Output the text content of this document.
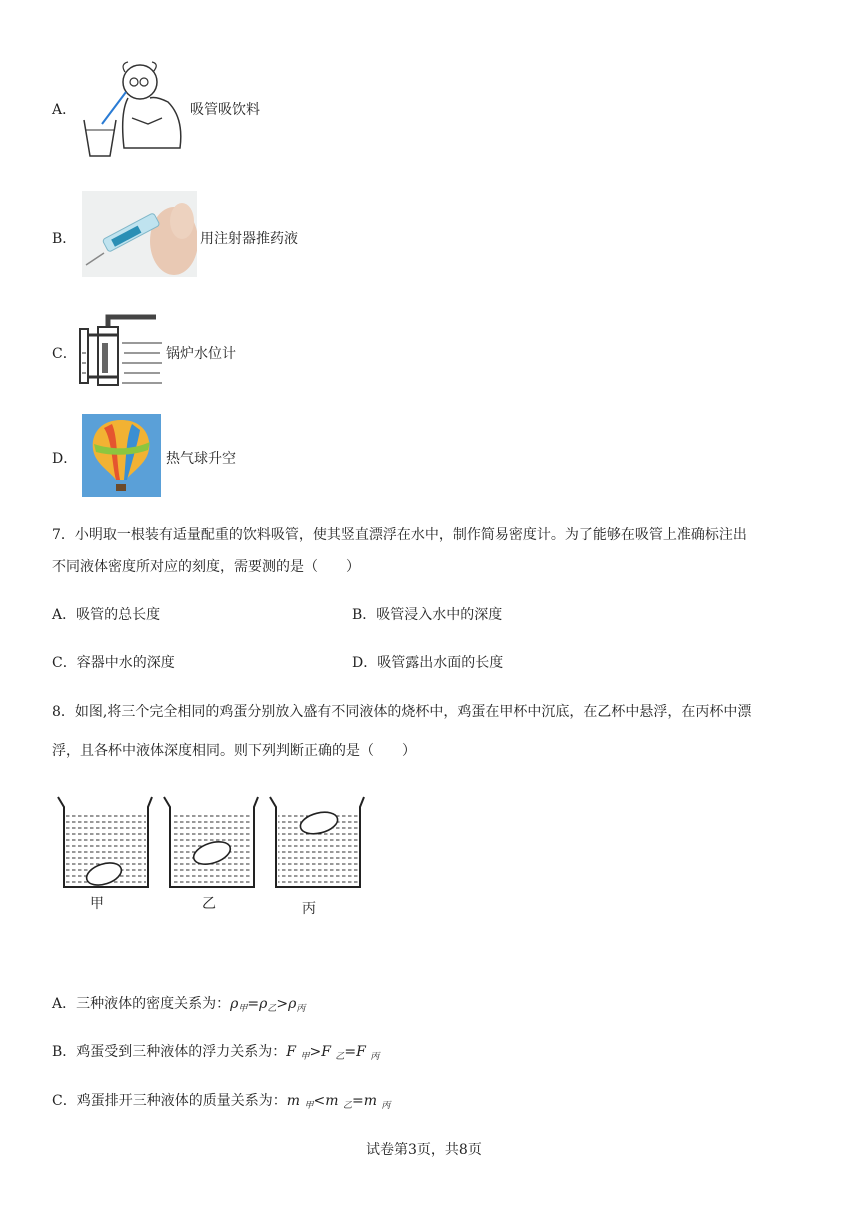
A．	吸管吸饮料
B．	用注射器推药液
C．	锅炉水位计
D．	热气球升空
7．小明取一根装有适量配重的饮料吸管，使其竖直漂浮在水中，制作简易密度计。为了能够在吸管上准确标注出
不同液体密度所对应的刻度，需要测的是（　　）
A．吸管的总长度	B．吸管浸入水中的深度
C．容器中水的深度	D．吸管露出水面的长度
8．如图,将三个完全相同的鸡蛋分别放入盛有不同液体的烧杯中，鸡蛋在甲杯中沉底，在乙杯中悬浮，在丙杯中漂
浮，且各杯中液体深度相同。则下列判断正确的是（　　）
甲	乙	丙
A．三种液体的密度关系为：$\rho_甲=\rho_乙>\rho_丙$
B．鸡蛋受到三种液体的浮力关系为：F $_甲$>F $_乙$=F $_丙$
C．鸡蛋排开三种液体的质量关系为：m $_甲$<m $_乙$=m $_丙$
试卷第3页，共8页
